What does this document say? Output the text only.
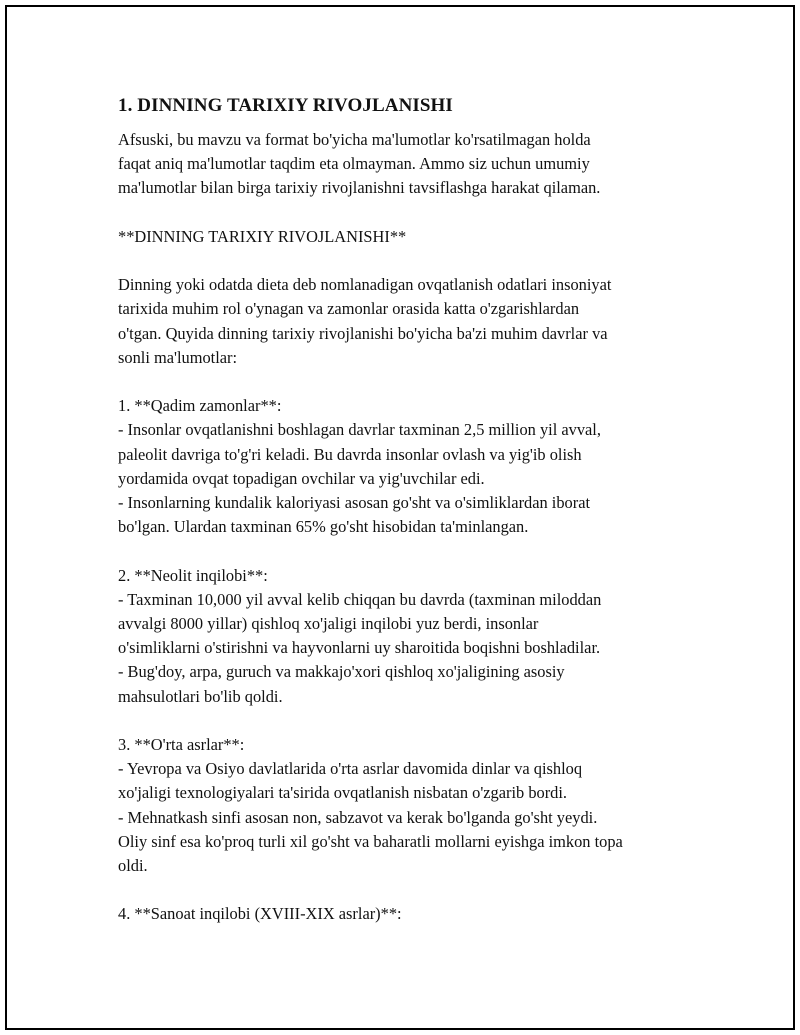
1. DINNING TARIXIY RIVOJLANISHI

Afsuski, bu mavzu va format bo'yicha ma'lumotlar ko'rsatilmagan holda
faqat aniq ma'lumotlar taqdim eta olmayman. Ammo siz uchun umumiy
ma'lumotlar bilan birga tarixiy rivojlanishni tavsiflashga harakat qilaman.

**DINNING TARIXIY RIVOJLANISHI**

Dinning yoki odatda dieta deb nomlanadigan ovqatlanish odatlari insoniyat
tarixida muhim rol o'ynagan va zamonlar orasida katta o'zgarishlardan
o'tgan. Quyida dinning tarixiy rivojlanishi bo'yicha ba'zi muhim davrlar va
sonli ma'lumotlar:

1. **Qadim zamonlar**:
- Insonlar ovqatlanishni boshlagan davrlar taxminan 2,5 million yil avval,
paleolit davriga to'g'ri keladi. Bu davrda insonlar ovlash va yig'ib olish
yordamida ovqat topadigan ovchilar va yig'uvchilar edi.
- Insonlarning kundalik kaloriyasi asosan go'sht va o'simliklardan iborat
bo'lgan. Ulardan taxminan 65% go'sht hisobidan ta'minlangan.

2. **Neolit inqilobi**:
- Taxminan 10,000 yil avval kelib chiqqan bu davrda (taxminan miloddan
avvalgi 8000 yillar) qishloq xo'jaligi inqilobi yuz berdi, insonlar
o'simliklarni o'stirishni va hayvonlarni uy sharoitida boqishni boshladilar.
- Bug'doy, arpa, guruch va makkajo'xori qishloq xo'jaligining asosiy
mahsulotlari bo'lib qoldi.

3. **O'rta asrlar**:
- Yevropa va Osiyo davlatlarida o'rta asrlar davomida dinlar va qishloq
xo'jaligi texnologiyalari ta'sirida ovqatlanish nisbatan o'zgarib bordi.
- Mehnatkash sinfi asosan non, sabzavot va kerak bo'lganda go'sht yeydi.
Oliy sinf esa ko'proq turli xil go'sht va baharatli mollarni eyishga imkon topa
oldi.

4. **Sanoat inqilobi (XVIII-XIX asrlar)**:
